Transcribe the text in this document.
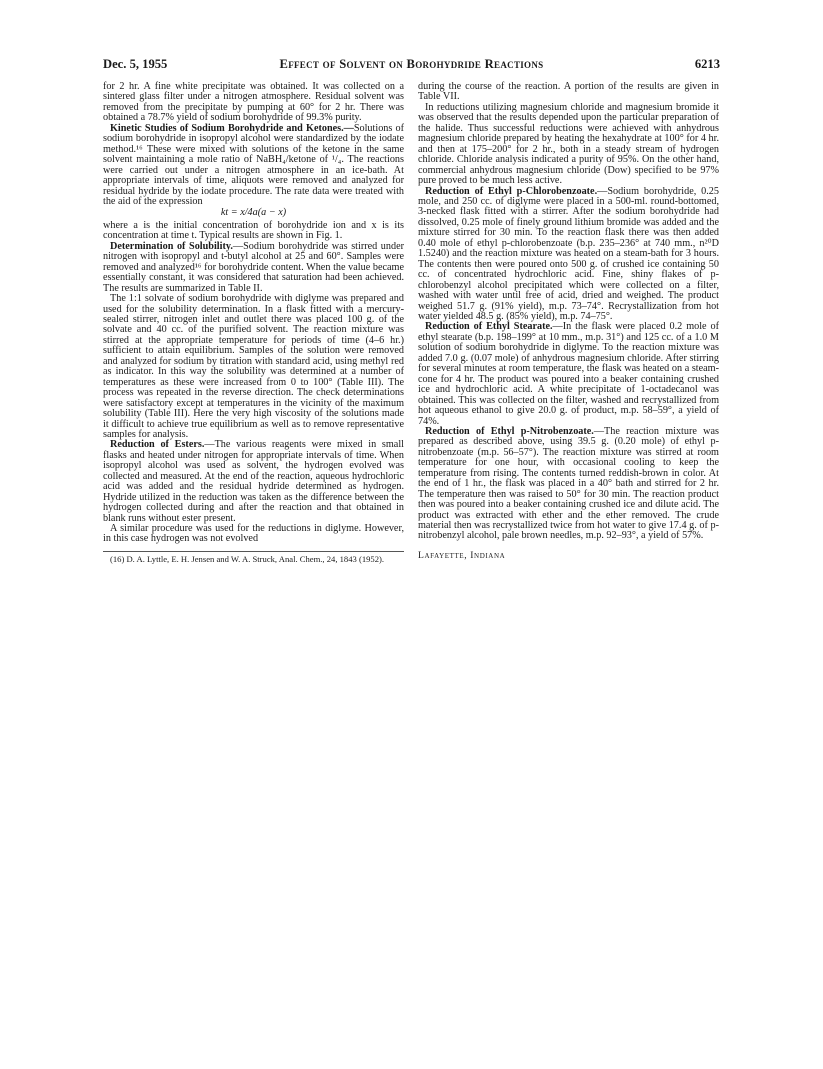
Dec. 5, 1955	Effect of Solvent on Borohydride Reactions	6213

for 2 hr. A fine white precipitate was obtained. It was collected on a sintered glass filter under a nitrogen atmosphere. Residual solvent was removed from the precipitate by pumping at 60° for 2 hr. There was obtained a 78.7% yield of sodium borohydride of 99.3% purity.

Kinetic Studies of Sodium Borohydride and Ketones.—Solutions of sodium borohydride in isopropyl alcohol were standardized by the iodate method.¹⁶ These were mixed with solutions of the ketone in the same solvent maintaining a mole ratio of NaBH₄/ketone of ¹/₄. The reactions were carried out under a nitrogen atmosphere in an ice-bath. At appropriate intervals of time, aliquots were removed and analyzed for residual hydride by the iodate procedure. The rate data were treated with the aid of the expression

kt = x/4a(a − x)

where a is the initial concentration of borohydride ion and x is its concentration at time t. Typical results are shown in Fig. 1.

Determination of Solubility.—Sodium borohydride was stirred under nitrogen with isopropyl and t-butyl alcohol at 25 and 60°. Samples were removed and analyzed¹⁶ for borohydride content. When the value became essentially constant, it was considered that saturation had been achieved. The results are summarized in Table II.

The 1:1 solvate of sodium borohydride with diglyme was prepared and used for the solubility determination. In a flask fitted with a mercury-sealed stirrer, nitrogen inlet and outlet there was placed 100 g. of the solvate and 40 cc. of the purified solvent. The reaction mixture was stirred at the appropriate temperature for periods of time (4–6 hr.) sufficient to attain equilibrium. Samples of the solution were removed and analyzed for sodium by titration with standard acid, using methyl red as indicator. In this way the solubility was determined at a number of temperatures as these were increased from 0 to 100° (Table III). The process was repeated in the reverse direction. The check determinations were satisfactory except at temperatures in the vicinity of the maximum solubility (Table III). Here the very high viscosity of the solutions made it difficult to achieve true equilibrium as well as to remove representative samples for analysis.

Reduction of Esters.—The various reagents were mixed in small flasks and heated under nitrogen for appropriate intervals of time. When isopropyl alcohol was used as solvent, the hydrogen evolved was collected and measured. At the end of the reaction, aqueous hydrochloric acid was added and the residual hydride determined as hydrogen. Hydride utilized in the reduction was taken as the difference between the hydrogen collected during and after the reaction and that obtained in blank runs without ester present.

A similar procedure was used for the reductions in diglyme. However, in this case hydrogen was not evolved

(16) D. A. Lyttle, E. H. Jensen and W. A. Struck, Anal. Chem., 24, 1843 (1952).

during the course of the reaction. A portion of the results are given in Table VII.

In reductions utilizing magnesium chloride and magnesium bromide it was observed that the results depended upon the particular preparation of the halide. Thus successful reductions were achieved with anhydrous magnesium chloride prepared by heating the hexahydrate at 100° for 4 hr. and then at 175–200° for 2 hr., both in a steady stream of hydrogen chloride. Chloride analysis indicated a purity of 95%. On the other hand, commercial anhydrous magnesium chloride (Dow) specified to be 97% pure proved to be much less active.

Reduction of Ethyl p-Chlorobenzoate.—Sodium borohydride, 0.25 mole, and 250 cc. of diglyme were placed in a 500-ml. round-bottomed, 3-necked flask fitted with a stirrer. After the sodium borohydride had dissolved, 0.25 mole of finely ground lithium bromide was added and the mixture stirred for 30 min. To the reaction flask there was then added 0.40 mole of ethyl p-chlorobenzoate (b.p. 235–236° at 740 mm., n²⁰D 1.5240) and the reaction mixture was heated on a steam-bath for 3 hours. The contents then were poured onto 500 g. of crushed ice containing 50 cc. of concentrated hydrochloric acid. Fine, shiny flakes of p-chlorobenzyl alcohol precipitated which were collected on a filter, washed with water until free of acid, dried and weighed. The product weighed 51.7 g. (91% yield), m.p. 73–74°. Recrystallization from hot water yielded 48.5 g. (85% yield), m.p. 74–75°.

Reduction of Ethyl Stearate.—In the flask were placed 0.2 mole of ethyl stearate (b.p. 198–199° at 10 mm., m.p. 31°) and 125 cc. of a 1.0 M solution of sodium borohydride in diglyme. To the reaction mixture was added 7.0 g. (0.07 mole) of anhydrous magnesium chloride. After stirring for several minutes at room temperature, the flask was heated on a steam-cone for 4 hr. The product was poured into a beaker containing crushed ice and hydrochloric acid. A white precipitate of 1-octadecanol was obtained. This was collected on the filter, washed and recrystallized from hot aqueous ethanol to give 20.0 g. of product, m.p. 58–59°, a yield of 74%.

Reduction of Ethyl p-Nitrobenzoate.—The reaction mixture was prepared as described above, using 39.5 g. (0.20 mole) of ethyl p-nitrobenzoate (m.p. 56–57°). The reaction mixture was stirred at room temperature for one hour, with occasional cooling to keep the temperature from rising. The contents turned reddish-brown in color. At the end of 1 hr., the flask was placed in a 40° bath and stirred for 2 hr. The temperature then was raised to 50° for 30 min. The reaction product then was poured into a beaker containing crushed ice and dilute acid. The product was extracted with ether and the ether removed. The crude material then was recrystallized twice from hot water to give 17.4 g. of p-nitrobenzyl alcohol, pale brown needles, m.p. 92–93°, a yield of 57%.

Lafayette, Indiana
